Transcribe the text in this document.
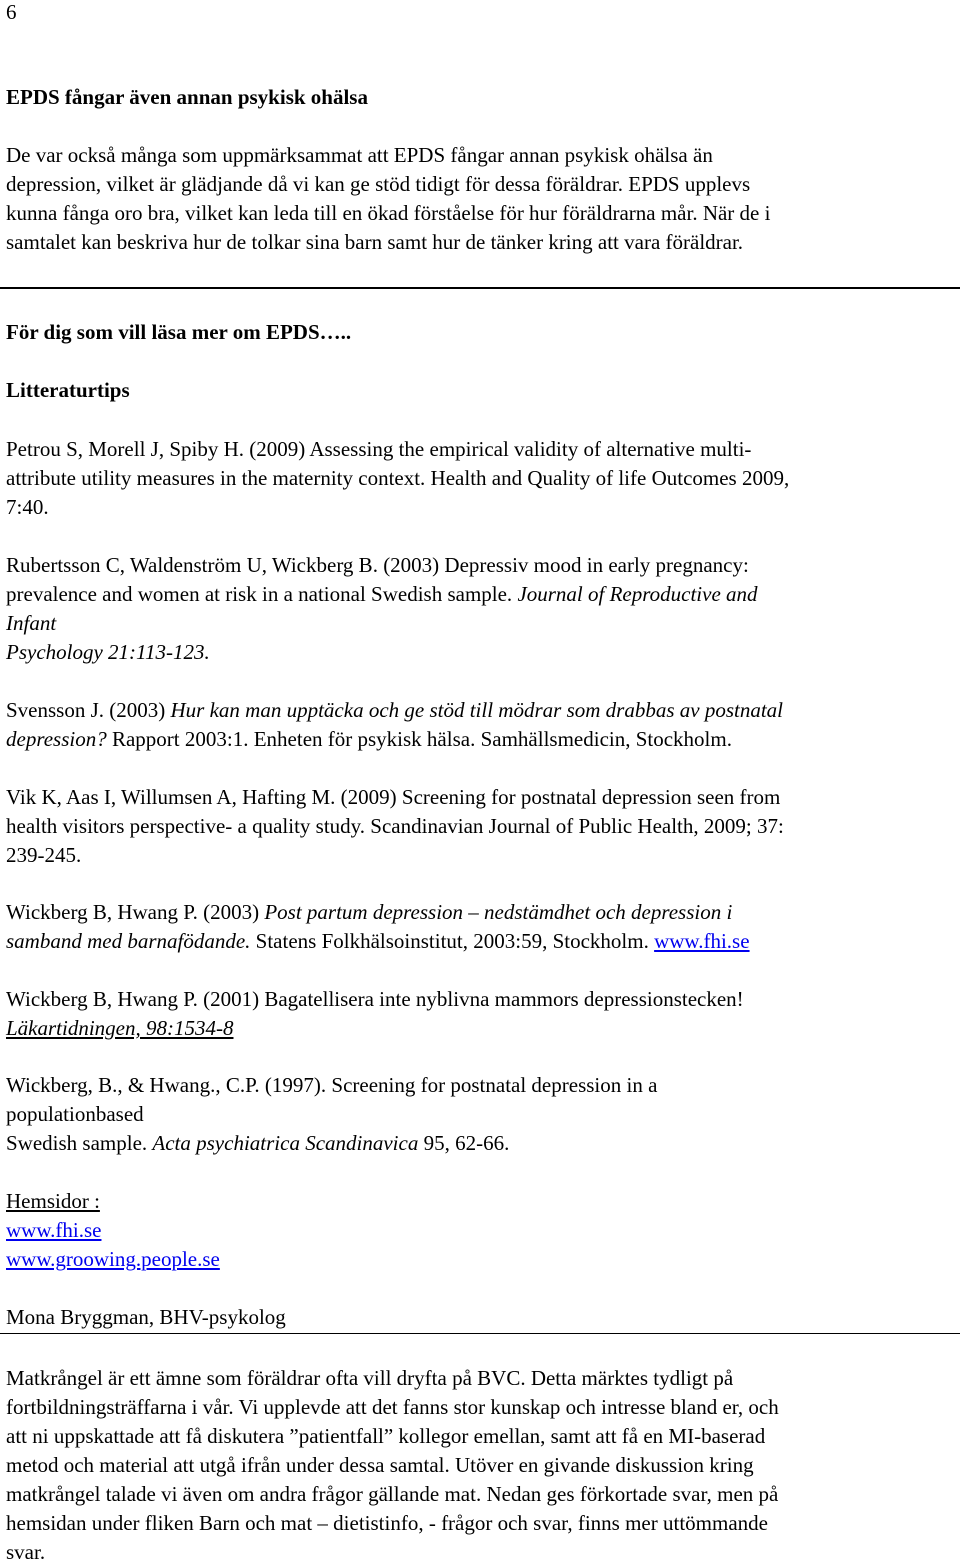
6
EPDS fångar även annan psykisk ohälsa
De var också många som uppmärksammat att EPDS fångar annan psykisk ohälsa än
depression, vilket är glädjande då vi kan ge stöd tidigt för dessa föräldrar. EPDS upplevs
kunna fånga oro bra, vilket kan leda till en ökad förståelse för hur föräldrarna mår. När de i
samtalet kan beskriva hur de tolkar sina barn samt hur de tänker kring att vara föräldrar.
För dig som vill läsa mer om EPDS…..
Litteraturtips
Petrou S, Morell J, Spiby H. (2009) Assessing the empirical validity of alternative multi-
attribute utility measures in the maternity context. Health and Quality of life Outcomes 2009,
7:40.
Rubertsson C, Waldenström U, Wickberg B. (2003) Depressiv mood in early pregnancy:
prevalence and women at risk in a national Swedish sample. Journal of Reproductive and
Infant
Psychology 21:113-123.
Svensson J. (2003) Hur kan man upptäcka och ge stöd till mödrar som drabbas av postnatal
depression? Rapport 2003:1. Enheten för psykisk hälsa. Samhällsmedicin, Stockholm.
Vik K, Aas I, Willumsen A, Hafting M. (2009) Screening for postnatal depression seen from
health visitors perspective- a quality study. Scandinavian Journal of Public Health, 2009; 37:
239-245.
Wickberg B, Hwang P. (2003) Post partum depression – nedstämdhet och depression i
samband med barnafödande. Statens Folkhälsoinstitut, 2003:59, Stockholm. www.fhi.se
Wickberg B, Hwang P. (2001) Bagatellisera inte nyblivna mammors depressionstecken!
Läkartidningen, 98:1534-8
Wickberg, B., & Hwang., C.P. (1997). Screening for postnatal depression in a
populationbased
Swedish sample. Acta psychiatrica Scandinavica 95, 62-66.
Hemsidor :
www.fhi.se
www.groowing.people.se
Mona Bryggman, BHV-psykolog
Matkrångel är ett ämne som föräldrar ofta vill dryfta på BVC. Detta märktes tydligt på
fortbildningsträffarna i vår. Vi upplevde att det fanns stor kunskap och intresse bland er, och
att ni uppskattade att få diskutera ”patientfall” kollegor emellan, samt att få en MI-baserad
metod och material att utgå ifrån under dessa samtal. Utöver en givande diskussion kring
matkrångel talade vi även om andra frågor gällande mat. Nedan ges förkortade svar, men på
hemsidan under fliken Barn och mat – dietistinfo, - frågor och svar, finns mer uttömmande
svar.
